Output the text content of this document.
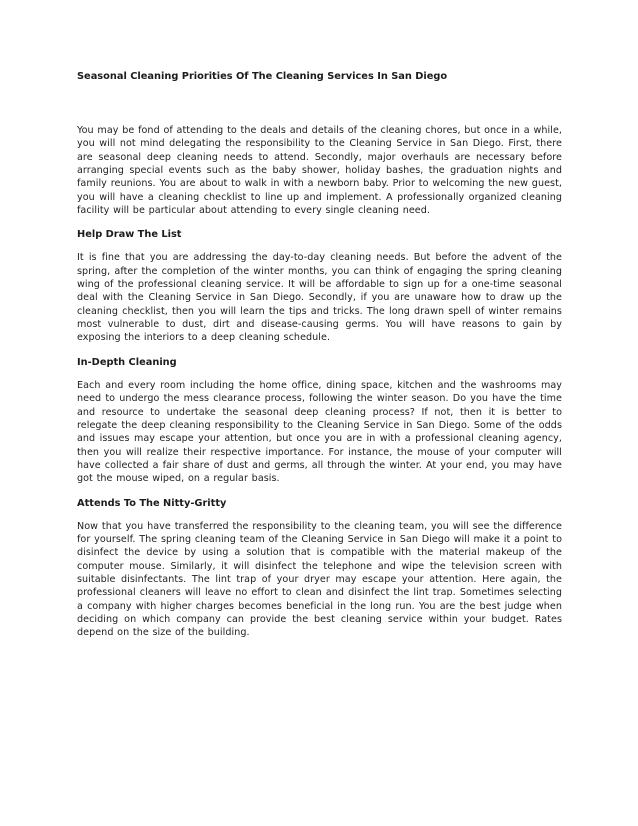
Seasonal Cleaning Priorities Of The Cleaning Services In San Diego

You may be fond of attending to the deals and details of the cleaning chores, but once in a while, you will not mind delegating the responsibility to the Cleaning Service in San Diego. First, there are seasonal deep cleaning needs to attend. Secondly, major overhauls are necessary before arranging special events such as the baby shower, holiday bashes, the graduation nights and family reunions. You are about to walk in with a newborn baby. Prior to welcoming the new guest, you will have a cleaning checklist to line up and implement. A professionally organized cleaning facility will be particular about attending to every single cleaning need.

Help Draw The List

It is fine that you are addressing the day-to-day cleaning needs. But before the advent of the spring, after the completion of the winter months, you can think of engaging the spring cleaning wing of the professional cleaning service. It will be affordable to sign up for a one-time seasonal deal with the Cleaning Service in San Diego. Secondly, if you are unaware how to draw up the cleaning checklist, then you will learn the tips and tricks. The long drawn spell of winter remains most vulnerable to dust, dirt and disease-causing germs. You will have reasons to gain by exposing the interiors to a deep cleaning schedule.

In-Depth Cleaning

Each and every room including the home office, dining space, kitchen and the washrooms may need to undergo the mess clearance process, following the winter season. Do you have the time and resource to undertake the seasonal deep cleaning process? If not, then it is better to relegate the deep cleaning responsibility to the Cleaning Service in San Diego. Some of the odds and issues may escape your attention, but once you are in with a professional cleaning agency, then you will realize their respective importance. For instance, the mouse of your computer will have collected a fair share of dust and germs, all through the winter. At your end, you may have got the mouse wiped, on a regular basis.

Attends To The Nitty-Gritty

Now that you have transferred the responsibility to the cleaning team, you will see the difference for yourself. The spring cleaning team of the Cleaning Service in San Diego will make it a point to disinfect the device by using a solution that is compatible with the material makeup of the computer mouse. Similarly, it will disinfect the telephone and wipe the television screen with suitable disinfectants. The lint trap of your dryer may escape your attention. Here again, the professional cleaners will leave no effort to clean and disinfect the lint trap. Sometimes selecting a company with higher charges becomes beneficial in the long run. You are the best judge when deciding on which company can provide the best cleaning service within your budget. Rates depend on the size of the building.
